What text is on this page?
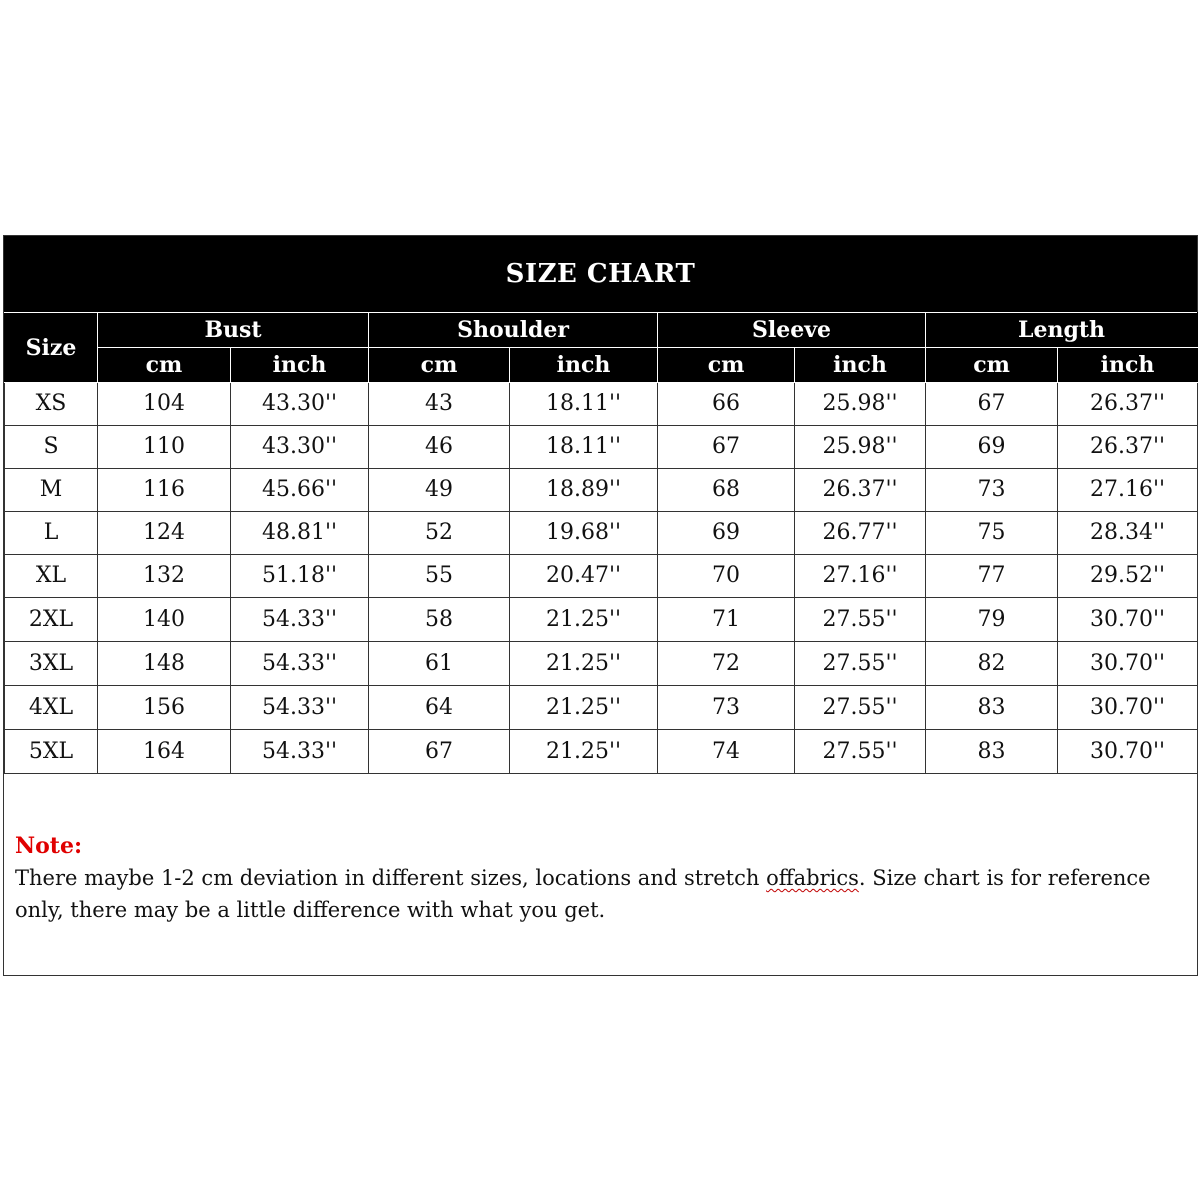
SIZE CHART
Size	Bust		Shoulder		Sleeve		Length	
	cm	inch	cm	inch	cm	inch	cm	inch
XS	104	43.30''	43	18.11''	66	25.98''	67	26.37''
S	110	43.30''	46	18.11''	67	25.98''	69	26.37''
M	116	45.66''	49	18.89''	68	26.37''	73	27.16''
L	124	48.81''	52	19.68''	69	26.77''	75	28.34''
XL	132	51.18''	55	20.47''	70	27.16''	77	29.52''
2XL	140	54.33''	58	21.25''	71	27.55''	79	30.70''
3XL	148	54.33''	61	21.25''	72	27.55''	82	30.70''
4XL	156	54.33''	64	21.25''	73	27.55''	83	30.70''
5XL	164	54.33''	67	21.25''	74	27.55''	83	30.70''
Note:
There maybe 1-2 cm deviation in different sizes, locations and stretch offabrics. Size chart is for reference only, there may be a little difference with what you get.
